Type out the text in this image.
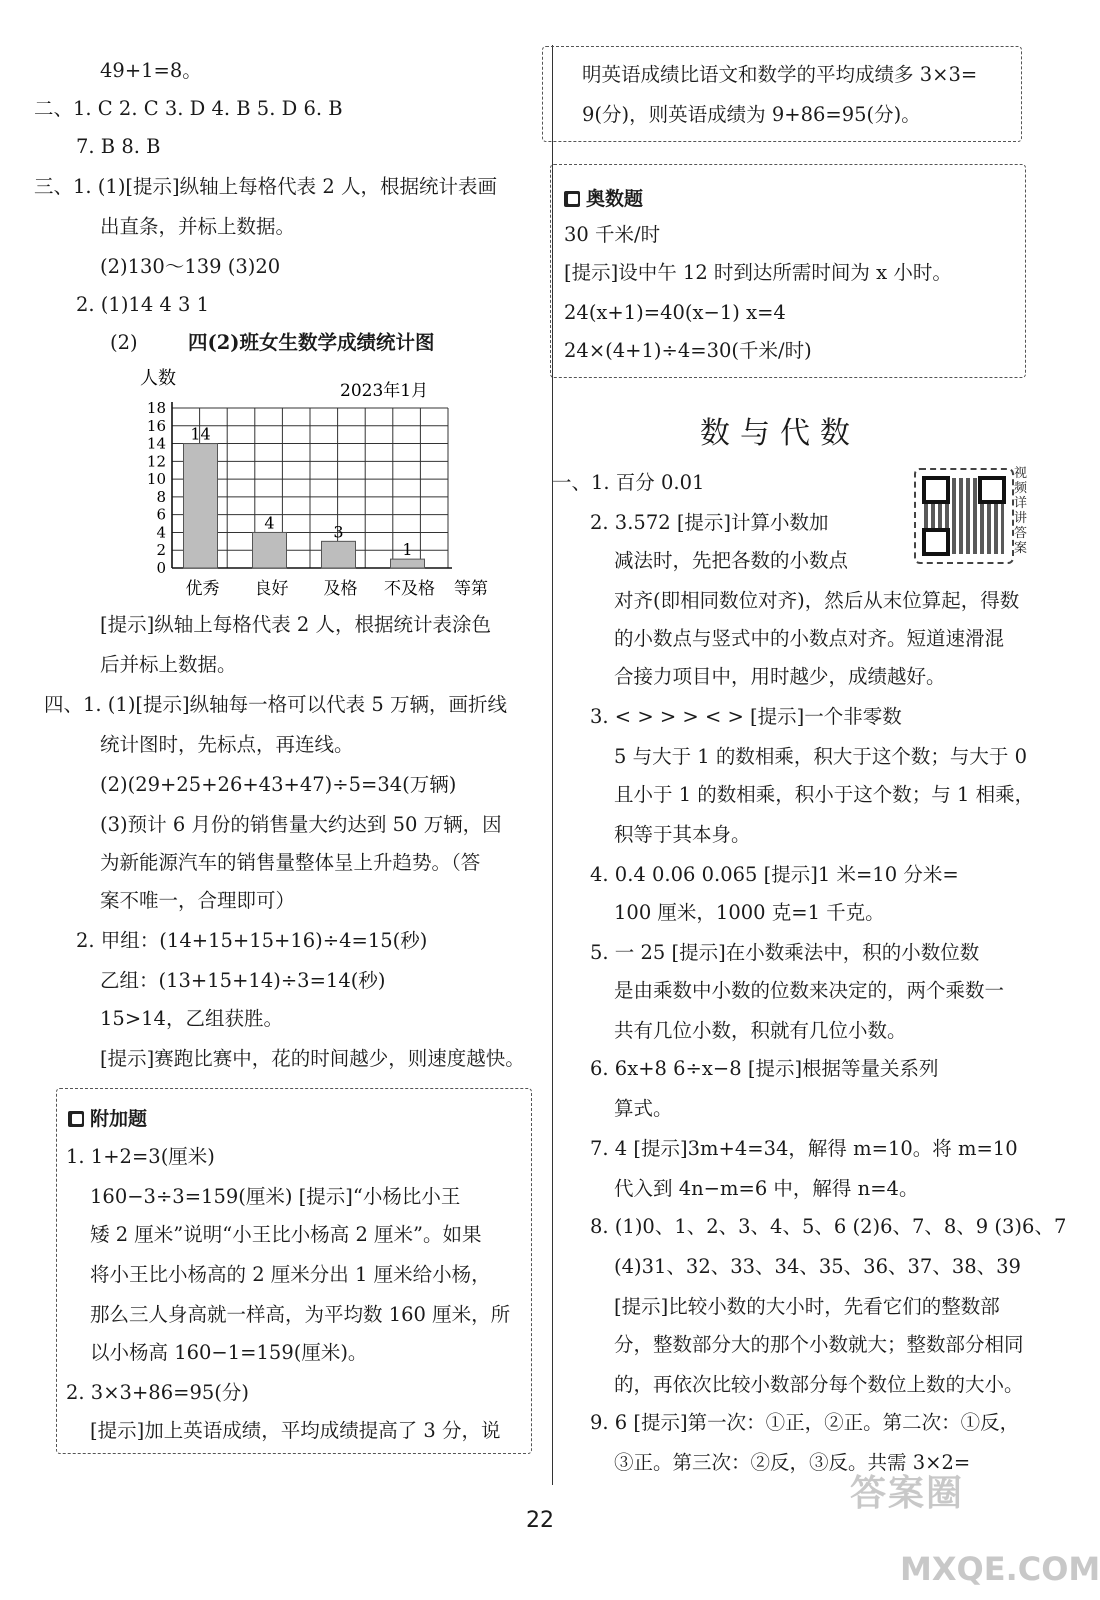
49+1=8。
二、1. C 2. C 3. D 4. B 5. D 6. B
7. B 8. B
三、1. (1)[提示]纵轴上每格代表 2 人，根据统计表画
出直条，并标上数据。
(2)130～139 (3)20
2. (1)14 4 3 1
(2)	四(2)班女生数学成绩统计图
人数
2023年1月
0
2
4
6
8
10
12
14
16
18
14
优秀
4
良好
3
及格
1
不及格 等第
[提示]纵轴上每格代表 2 人，根据统计表涂色
后并标上数据。
四、1. (1)[提示]纵轴每一格可以代表 5 万辆，画折线
统计图时，先标点，再连线。
(2)(29+25+26+43+47)÷5=34(万辆)
(3)预计 6 月份的销售量大约达到 50 万辆，因
为新能源汽车的销售量整体呈上升趋势。（答
案不唯一，合理即可）
2. 甲组：(14+15+15+16)÷4=15(秒)
乙组：(13+15+14)÷3=14(秒)
15>14，乙组获胜。
[提示]赛跑比赛中，花的时间越少，则速度越快。
附加题
1. 1+2=3(厘米)
160−3÷3=159(厘米) [提示]“小杨比小王
矮 2 厘米”说明“小王比小杨高 2 厘米”。如果
将小王比小杨高的 2 厘米分出 1 厘米给小杨，
那么三人身高就一样高，为平均数 160 厘米，所
以小杨高 160−1=159(厘米)。
2. 3×3+86=95(分)
[提示]加上英语成绩，平均成绩提高了 3 分，说
明英语成绩比语文和数学的平均成绩多 3×3=
9(分)，则英语成绩为 9+86=95(分)。
奥数题
30 千米/时
[提示]设中午 12 时到达所需时间为 x 小时。
24(x+1)=40(x−1) x=4
24×(4+1)÷4=30(千米/时)
数与代数
视频详讲答案
一、1. 百分 0.01
2. 3.572 [提示]计算小数加
减法时，先把各数的小数点
对齐(即相同数位对齐)，然后从末位算起，得数
的小数点与竖式中的小数点对齐。短道速滑混
合接力项目中，用时越少，成绩越好。
3. < > > > < > [提示]一个非零数
5 与大于 1 的数相乘，积大于这个数；与大于 0
且小于 1 的数相乘，积小于这个数；与 1 相乘，
积等于其本身。
4. 0.4 0.06 0.065 [提示]1 米=10 分米=
100 厘米，1000 克=1 千克。
5. 一 25 [提示]在小数乘法中，积的小数位数
是由乘数中小数的位数来决定的，两个乘数一
共有几位小数，积就有几位小数。
6. 6x+8 6÷x−8 [提示]根据等量关系列
算式。
7. 4 [提示]3m+4=34，解得 m=10。将 m=10
代入到 4n−m=6 中，解得 n=4。
8. (1)0、1、2、3、4、5、6 (2)6、7、8、9 (3)6、7
(4)31、32、33、34、35、36、37、38、39
[提示]比较小数的大小时，先看它们的整数部
分，整数部分大的那个小数就大；整数部分相同
的，再依次比较小数部分每个数位上数的大小。
9. 6 [提示]第一次：①正，②正。第二次：①反，
③正。第三次：②反，③反。共需 3×2=
22
答案圈
MXQE.COM
